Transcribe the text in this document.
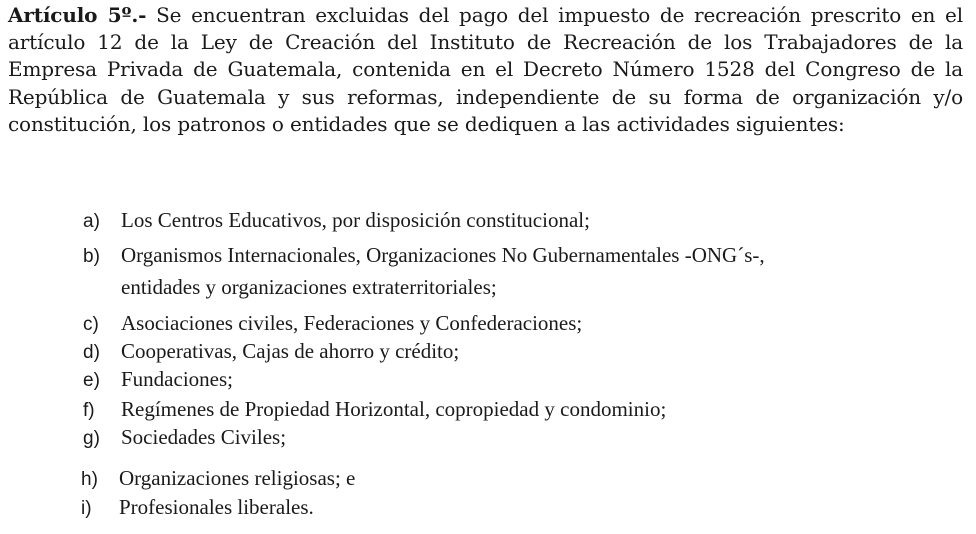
Artículo 5º.- Se encuentran excluidas del pago del impuesto de recreación prescrito en el artículo 12 de la Ley de Creación del Instituto de Recreación de los Trabajadores de la Empresa Privada de Guatemala, contenida en el Decreto Número 1528 del Congreso de la República de Guatemala y sus reformas, independiente de su forma de organización y/o constitución, los patronos o entidades que se dediquen a las actividades siguientes:

a) Los Centros Educativos, por disposición constitucional;
b) Organismos Internacionales, Organizaciones No Gubernamentales -ONG´s-,
entidades y organizaciones extraterritoriales;
c) Asociaciones civiles, Federaciones y Confederaciones;
d) Cooperativas, Cajas de ahorro y crédito;
e) Fundaciones;
f) Regímenes de Propiedad Horizontal, copropiedad y condominio;
g) Sociedades Civiles;
h) Organizaciones religiosas; e
i) Profesionales liberales.
